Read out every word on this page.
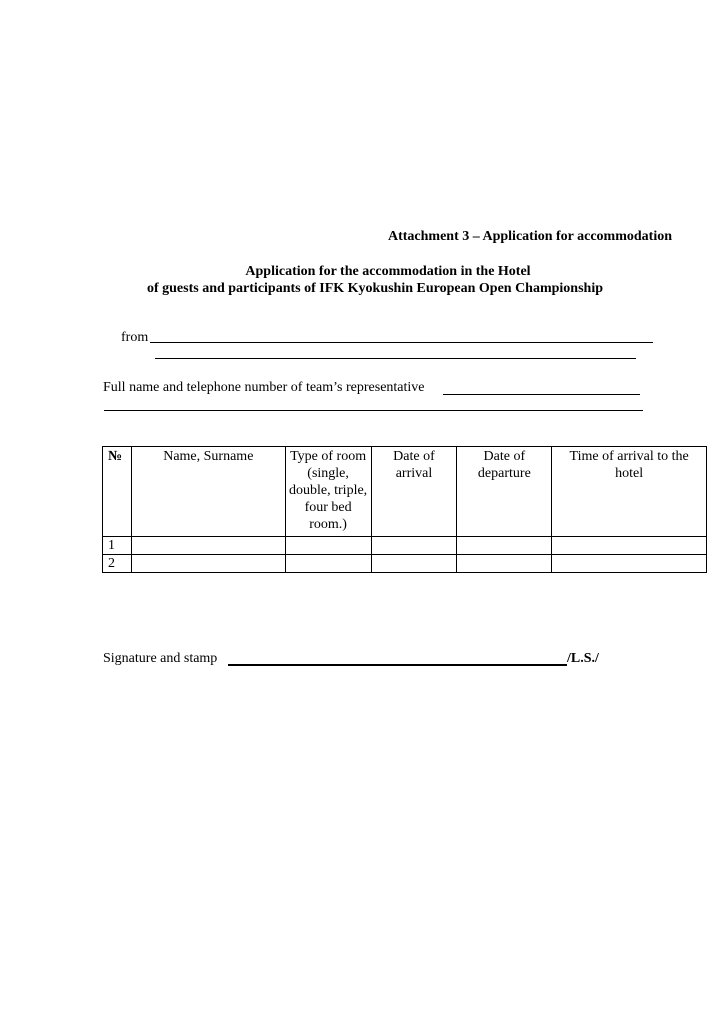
Attachment 3 – Application for accommodation
Application for the accommodation in the Hotel
of guests and participants of IFK Kyokushin European Open Championship
from
Full name and telephone number of team’s representative
№	Name, Surname	Type of room (single, double, triple, four bed room.)	Date of arrival	Date of departure	Time of arrival to the hotel
1					
2					
Signature and stamp	/L.S./
